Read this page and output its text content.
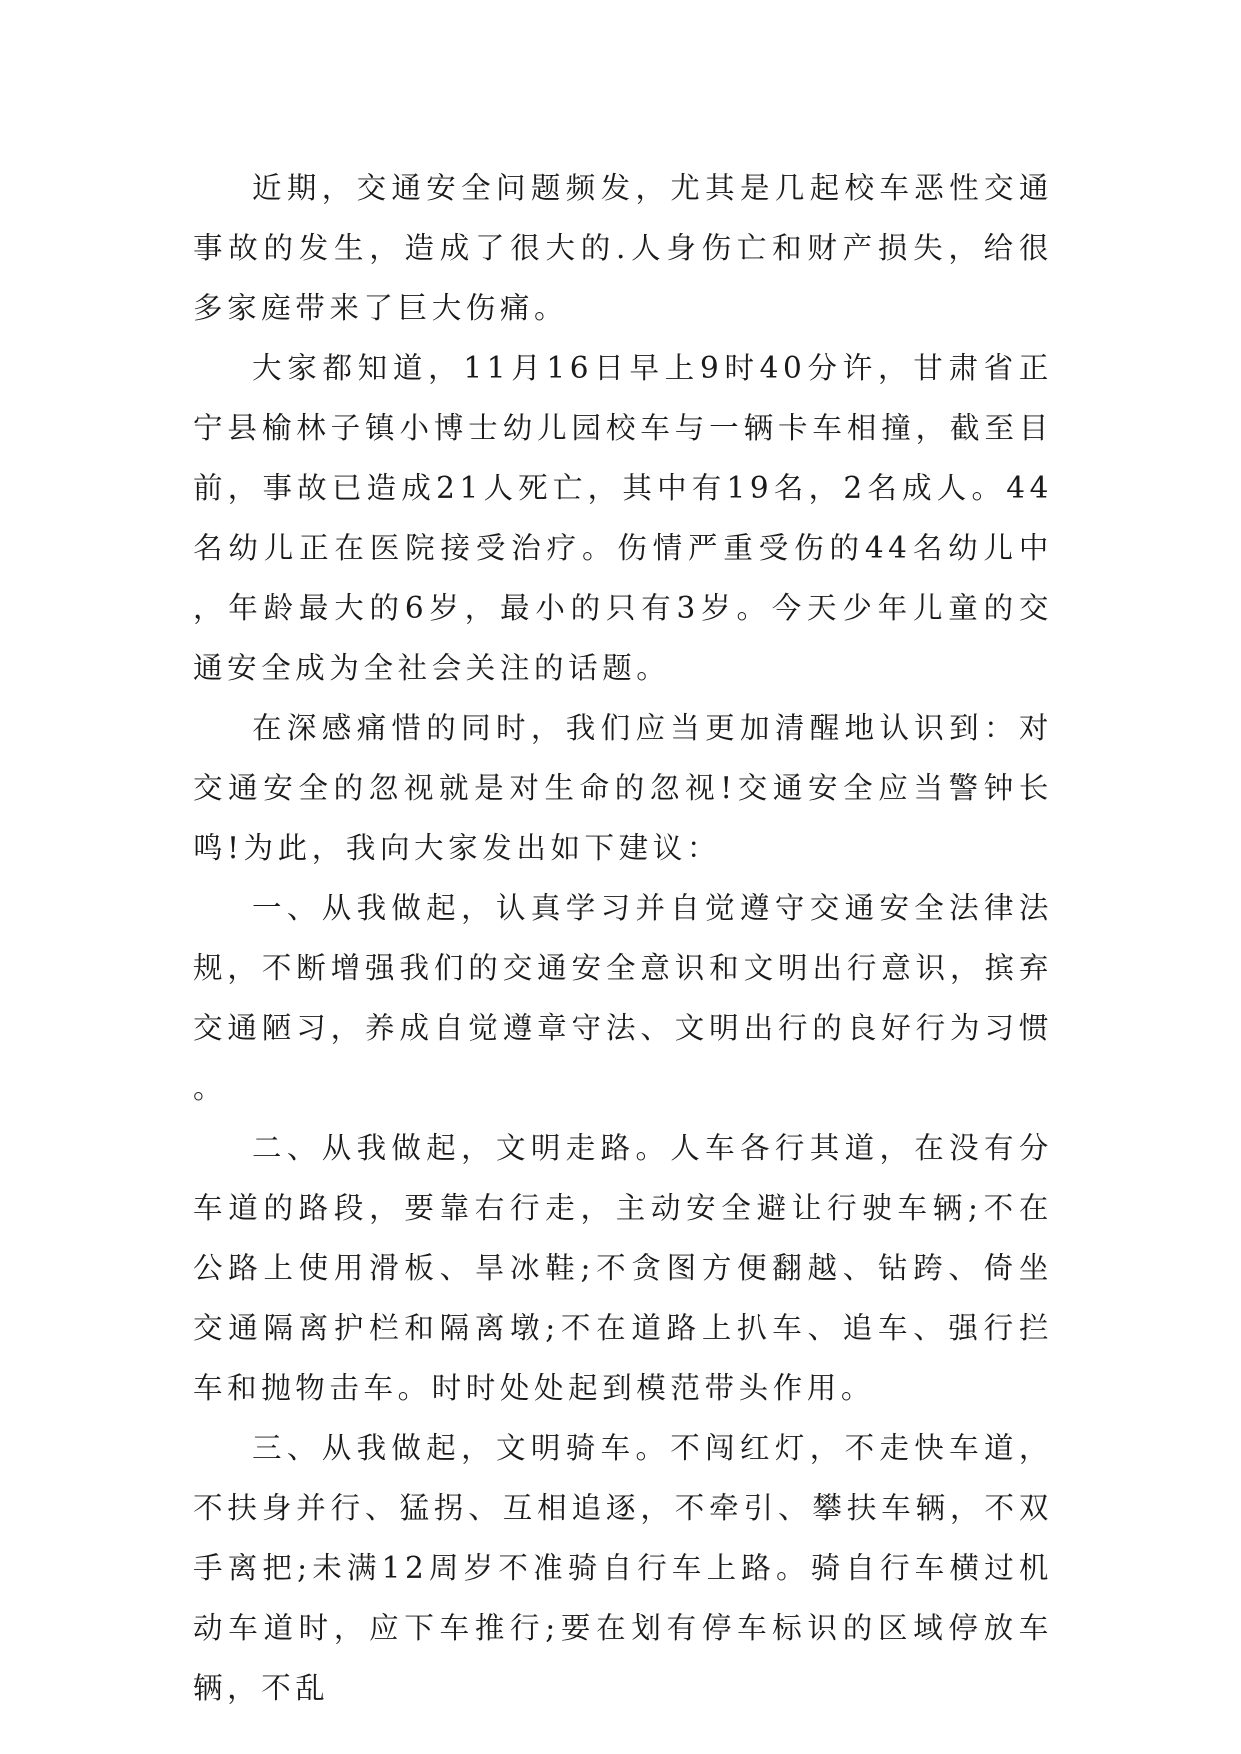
近期，交通安全问题频发，尤其是几起校车恶性交通事故的发生，造成了很大的.人身伤亡和财产损失，给很多家庭带来了巨大伤痛。

大家都知道，11月16日早上9时40分许，甘肃省正宁县榆林子镇小博士幼儿园校车与一辆卡车相撞，截至目前，事故已造成21人死亡，其中有19名，2名成人。44名幼儿正在医院接受治疗。伤情严重受伤的44名幼儿中，年龄最大的6岁，最小的只有3岁。今天少年儿童的交通安全成为全社会关注的话题。

在深感痛惜的同时，我们应当更加清醒地认识到：对交通安全的忽视就是对生命的忽视!交通安全应当警钟长鸣!为此，我向大家发出如下建议：

一、从我做起，认真学习并自觉遵守交通安全法律法规，不断增强我们的交通安全意识和文明出行意识，摈弃交通陋习，养成自觉遵章守法、文明出行的良好行为习惯。

二、从我做起，文明走路。人车各行其道，在没有分车道的路段，要靠右行走，主动安全避让行驶车辆;不在公路上使用滑板、旱冰鞋;不贪图方便翻越、钻跨、倚坐交通隔离护栏和隔离墩;不在道路上扒车、追车、强行拦车和抛物击车。时时处处起到模范带头作用。

三、从我做起，文明骑车。不闯红灯，不走快车道，不扶身并行、猛拐、互相追逐，不牵引、攀扶车辆，不双手离把;未满12周岁不准骑自行车上路。骑自行车横过机动车道时，应下车推行;要在划有停车标识的区域停放车辆，不乱
